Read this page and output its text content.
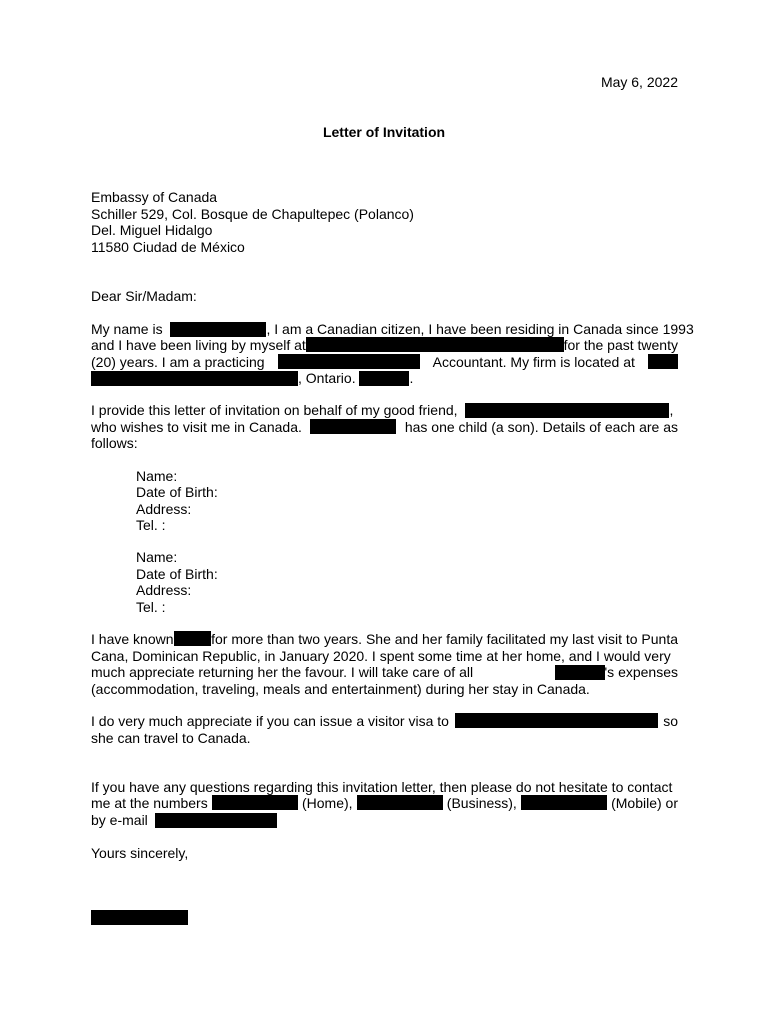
May 6, 2022
Letter of Invitation
Embassy of Canada
Schiller 529, Col. Bosque de Chapultepec (Polanco)
Del. Miguel Hidalgo
11580 Ciudad de México
Dear Sir/Madam:
My name is	, I am a Canadian citizen, I have been residing in Canada since 1993
and I have been living by myself at	for the past twenty
(20) years. I am a practicing	Accountant. My firm is located at
, Ontario.	.
I provide this letter of invitation on behalf of my good friend,	,
who wishes to visit me in Canada.	has one child (a son). Details of each are as
follows:
Name:
Date of Birth:
Address:
Tel. :
Name:
Date of Birth:
Address:
Tel. :
I have known	for more than two years. She and her family facilitated my last visit to Punta
Cana, Dominican Republic, in January 2020. I spent some time at her home, and I would very
much appreciate returning her the favour. I will take care of all	's expenses
(accommodation, traveling, meals and entertainment) during her stay in Canada.
I do very much appreciate if you can issue a visitor visa to	so
she can travel to Canada.
If you have any questions regarding this invitation letter, then please do not hesitate to contact
me at the numbers	(Home),	(Business),	(Mobile) or
by e-mail
Yours sincerely,
